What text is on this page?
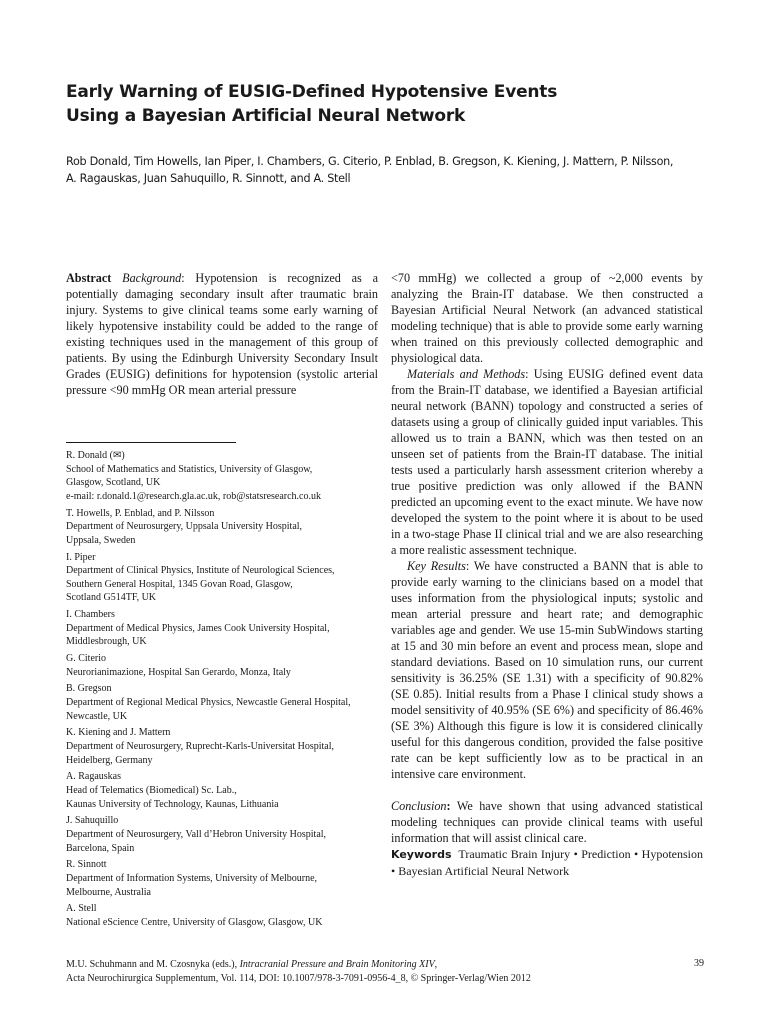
Early Warning of EUSIG-Defined Hypotensive Events
Using a Bayesian Artificial Neural Network
Rob Donald, Tim Howells, Ian Piper, I. Chambers, G. Citerio, P. Enblad, B. Gregson, K. Kiening, J. Mattern, P. Nilsson,
A. Ragauskas, Juan Sahuquillo, R. Sinnott, and A. Stell

Abstract Background: Hypotension is recognized as a potentially damaging secondary insult after traumatic brain injury. Systems to give clinical teams some early warning of likely hypotensive instability could be added to the range of existing techniques used in the management of this group of patients. By using the Edinburgh University Secondary Insult Grades (EUSIG) definitions for hypotension (systolic arterial pressure <90 mmHg OR mean arterial pressure

R. Donald (✉)
School of Mathematics and Statistics, University of Glasgow,
Glasgow, Scotland, UK
e-mail: r.donald.1@research.gla.ac.uk, rob@statsresearch.co.uk
T. Howells, P. Enblad, and P. Nilsson
Department of Neurosurgery, Uppsala University Hospital,
Uppsala, Sweden
I. Piper
Department of Clinical Physics, Institute of Neurological Sciences,
Southern General Hospital, 1345 Govan Road, Glasgow,
Scotland G514TF, UK
I. Chambers
Department of Medical Physics, James Cook University Hospital,
Middlesbrough, UK
G. Citerio
Neurorianimazione, Hospital San Gerardo, Monza, Italy
B. Gregson
Department of Regional Medical Physics, Newcastle General Hospital,
Newcastle, UK
K. Kiening and J. Mattern
Department of Neurosurgery, Ruprecht-Karls-Universitat Hospital,
Heidelberg, Germany
A. Ragauskas
Head of Telematics (Biomedical) Sc. Lab.,
Kaunas University of Technology, Kaunas, Lithuania
J. Sahuquillo
Department of Neurosurgery, Vall d’Hebron University Hospital,
Barcelona, Spain
R. Sinnott
Department of Information Systems, University of Melbourne,
Melbourne, Australia
A. Stell
National eScience Centre, University of Glasgow, Glasgow, UK

<70 mmHg) we collected a group of ~2,000 events by analyzing the Brain-IT database. We then constructed a Bayesian Artificial Neural Network (an advanced statistical modeling technique) that is able to provide some early warning when trained on this previously collected demographic and physiological data.

Materials and Methods: Using EUSIG defined event data from the Brain-IT database, we identified a Bayesian artificial neural network (BANN) topology and constructed a series of datasets using a group of clinically guided input variables. This allowed us to train a BANN, which was then tested on an unseen set of patients from the Brain-IT database. The initial tests used a particularly harsh assessment criterion whereby a true positive prediction was only allowed if the BANN predicted an upcoming event to the exact minute. We have now developed the system to the point where it is about to be used in a two-stage Phase II clinical trial and we are also researching a more realistic assessment technique.

Key Results: We have constructed a BANN that is able to provide early warning to the clinicians based on a model that uses information from the physiological inputs; systolic and mean arterial pressure and heart rate; and demographic variables age and gender. We use 15-min SubWindows starting at 15 and 30 min before an event and process mean, slope and standard deviations. Based on 10 simulation runs, our current sensitivity is 36.25% (SE 1.31) with a specificity of 90.82% (SE 0.85). Initial results from a Phase I clinical study shows a model sensitivity of 40.95% (SE 6%) and specificity of 86.46% (SE 3%) Although this figure is low it is considered clinically useful for this dangerous condition, provided the false positive rate can be kept sufficiently low as to be practical in an intensive care environment.

Conclusion: We have shown that using advanced statistical modeling techniques can provide clinical teams with useful information that will assist clinical care.

Keywords Traumatic Brain Injury • Prediction • Hypotension • Bayesian Artificial Neural Network

M.U. Schuhmann and M. Czosnyka (eds.), Intracranial Pressure and Brain Monitoring XIV,
Acta Neurochirurgica Supplementum, Vol. 114, DOI: 10.1007/978-3-7091-0956-4_8, © Springer-Verlag/Wien 2012
39
